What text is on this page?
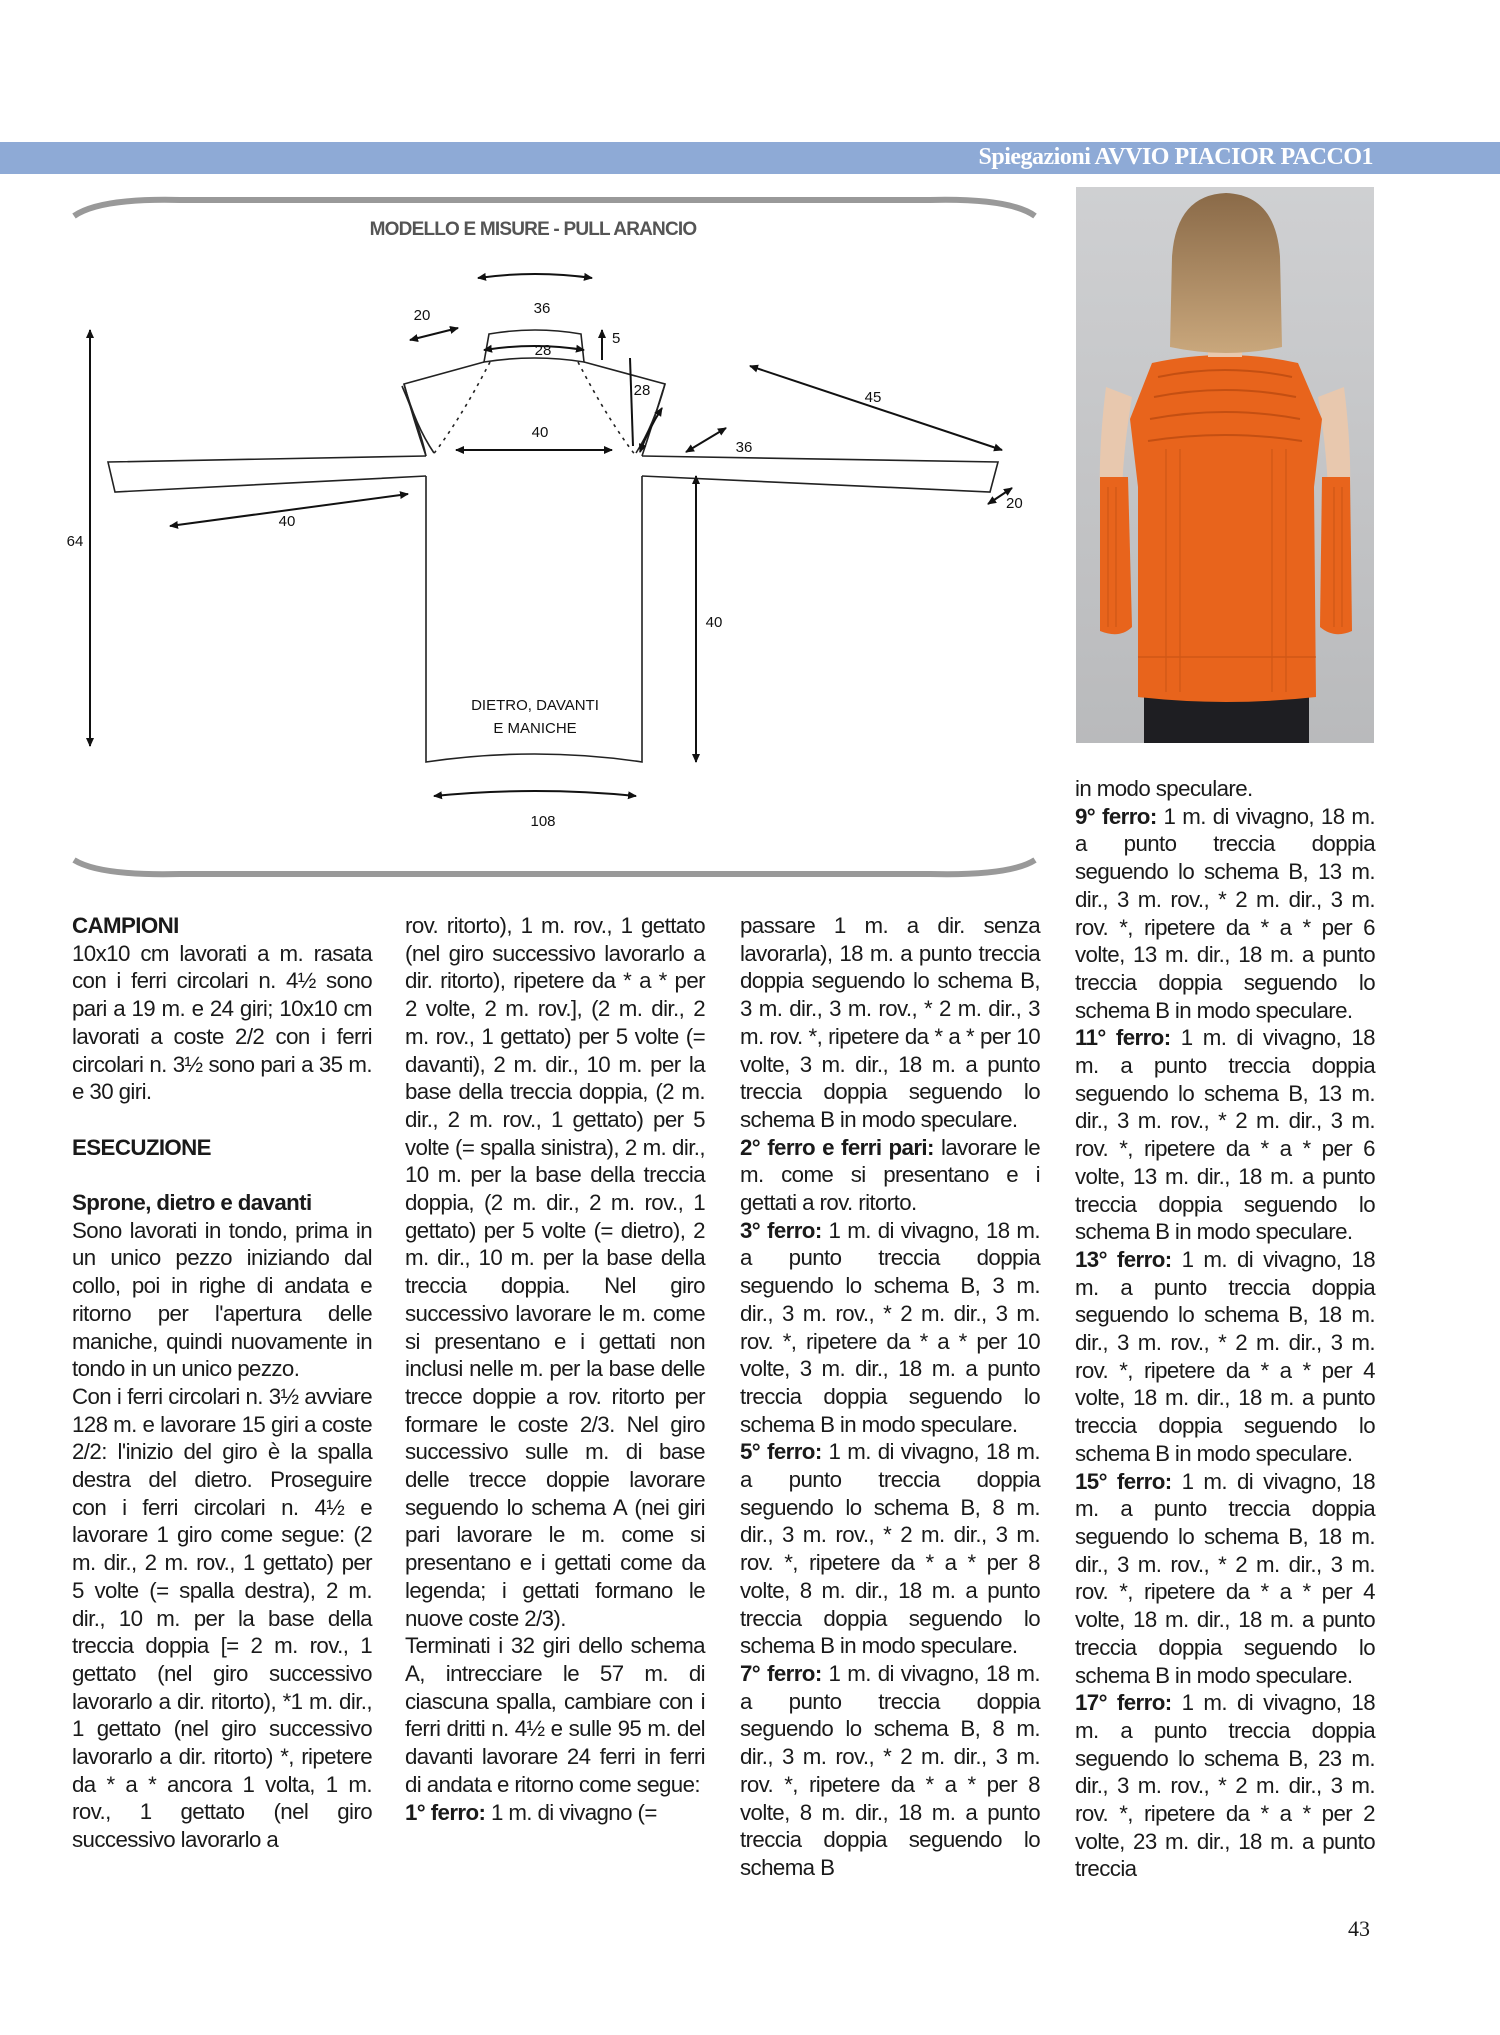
Spiegazioni AVVIO PIACIOR PACCO1
MODELLO E MISURE - PULL ARANCIO
36
20
5
28
28	45
40
36
20
40
64
40
DIETRO, DAVANTI
E MANICHE
108

CAMPIONI

10x10 cm lavorati a m. rasata con i ferri circolari n. 4½ sono pari a 19 m. e 24 giri; 10x10 cm lavorati a coste 2/2 con i ferri circolari n. 3½ sono pari a 35 m. e 30 giri.

ESECUZIONE

Sprone, dietro e davanti

Sono lavorati in tondo, prima in un unico pezzo iniziando dal collo, poi in righe di andata e ritorno per l'apertura delle maniche, quindi nuovamente in tondo in un unico pezzo.

Con i ferri circolari n. 3½ avviare 128 m. e lavorare 15 giri a coste 2/2: l'inizio del giro è la spalla destra del dietro. Proseguire con i ferri circolari n. 4½ e lavorare 1 giro come segue: (2 m. dir., 2 m. rov., 1 gettato) per 5 volte (= spalla destra), 2 m. dir., 10 m. per la base della treccia doppia [= 2 m. rov., 1 gettato (nel giro successivo lavorarlo a dir. ritorto), *1 m. dir., 1 gettato (nel giro successivo lavorarlo a dir. ritorto) *, ripetere da * a * ancora 1 volta, 1 m. rov., 1 gettato (nel giro successivo lavorarlo a

rov. ritorto), 1 m. rov., 1 gettato (nel giro successivo lavorarlo a dir. ritorto), ripetere da * a * per 2 volte, 2 m. rov.], (2 m. dir., 2 m. rov., 1 gettato) per 5 volte (= davanti), 2 m. dir., 10 m. per la base della treccia doppia, (2 m. dir., 2 m. rov., 1 gettato) per 5 volte (= spalla sinistra), 2 m. dir., 10 m. per la base della treccia doppia, (2 m. dir., 2 m. rov., 1 gettato) per 5 volte (= dietro), 2 m. dir., 10 m. per la base della treccia doppia. Nel giro successivo lavorare le m. come si presentano e i gettati non inclusi nelle m. per la base delle trecce doppie a rov. ritorto per formare le coste 2/3. Nel giro successivo sulle m. di base delle trecce doppie lavorare seguendo lo schema A (nei giri pari lavorare le m. come si presentano e i gettati come da legenda; i gettati formano le nuove coste 2/3).

Terminati i 32 giri dello schema A, intrecciare le 57 m. di ciascuna spalla, cambiare con i ferri dritti n. 4½ e sulle 95 m. del davanti lavorare 24 ferri in ferri di andata e ritorno come segue:

1° ferro: 1 m. di vivagno (=

passare 1 m. a dir. senza lavorarla), 18 m. a punto treccia doppia seguendo lo schema B, 3 m. dir., 3 m. rov., * 2 m. dir., 3 m. rov. *, ripetere da * a * per 10 volte, 3 m. dir., 18 m. a punto treccia doppia seguendo lo schema B in modo speculare.

2° ferro e ferri pari: lavorare le m. come si presentano e i gettati a rov. ritorto.

3° ferro: 1 m. di vivagno, 18 m. a punto treccia doppia seguendo lo schema B, 3 m. dir., 3 m. rov., * 2 m. dir., 3 m. rov. *, ripetere da * a * per 10 volte, 3 m. dir., 18 m. a punto treccia doppia seguendo lo schema B in modo speculare.

5° ferro: 1 m. di vivagno, 18 m. a punto treccia doppia seguendo lo schema B, 8 m. dir., 3 m. rov., * 2 m. dir., 3 m. rov. *, ripetere da * a * per 8 volte, 8 m. dir., 18 m. a punto treccia doppia seguendo lo schema B in modo speculare.

7° ferro: 1 m. di vivagno, 18 m. a punto treccia doppia seguendo lo schema B, 8 m. dir., 3 m. rov., * 2 m. dir., 3 m. rov. *, ripetere da * a * per 8 volte, 8 m. dir., 18 m. a punto treccia doppia seguendo lo schema B

in modo speculare.

9° ferro: 1 m. di vivagno, 18 m. a punto treccia doppia seguendo lo schema B, 13 m. dir., 3 m. rov., * 2 m. dir., 3 m. rov. *, ripetere da * a * per 6 volte, 13 m. dir., 18 m. a punto treccia doppia seguendo lo schema B in modo speculare.

11° ferro: 1 m. di vivagno, 18 m. a punto treccia doppia seguendo lo schema B, 13 m. dir., 3 m. rov., * 2 m. dir., 3 m. rov. *, ripetere da * a * per 6 volte, 13 m. dir., 18 m. a punto treccia doppia seguendo lo schema B in modo speculare.

13° ferro: 1 m. di vivagno, 18 m. a punto treccia doppia seguendo lo schema B, 18 m. dir., 3 m. rov., * 2 m. dir., 3 m. rov. *, ripetere da * a * per 4 volte, 18 m. dir., 18 m. a punto treccia doppia seguendo lo schema B in modo speculare.

15° ferro: 1 m. di vivagno, 18 m. a punto treccia doppia seguendo lo schema B, 18 m. dir., 3 m. rov., * 2 m. dir., 3 m. rov. *, ripetere da * a * per 4 volte, 18 m. dir., 18 m. a punto treccia doppia seguendo lo schema B in modo speculare.

17° ferro: 1 m. di vivagno, 18 m. a punto treccia doppia seguendo lo schema B, 23 m. dir., 3 m. rov., * 2 m. dir., 3 m. rov. *, ripetere da * a * per 2 volte, 23 m. dir., 18 m. a punto treccia

43
